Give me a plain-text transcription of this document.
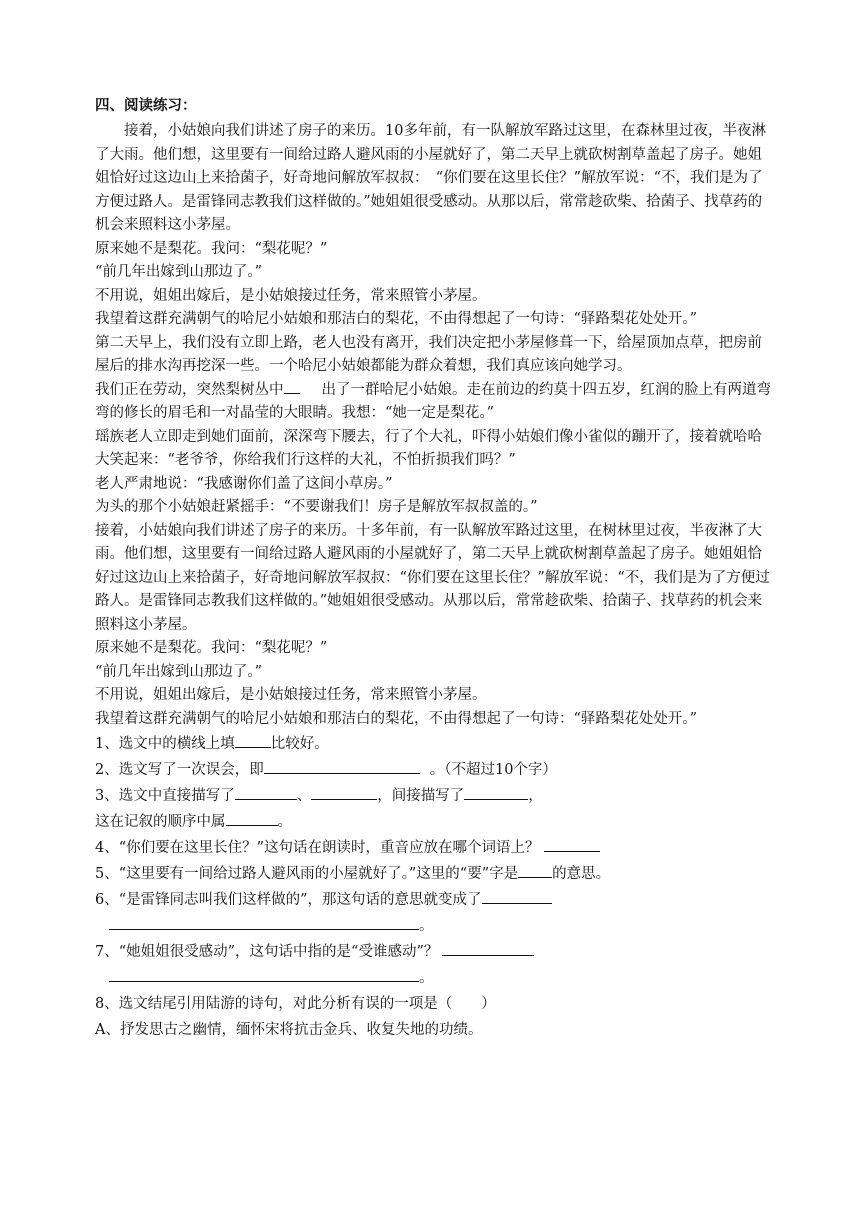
四、阅读练习：
接着，小姑娘向我们讲述了房子的来历。10多年前，有一队解放军路过这里，在森林里过夜，半夜淋了大雨。他们想，这里要有一间给过路人避风雨的小屋就好了，第二天早上就砍树割草盖起了房子。她姐姐恰好过这边山上来拾菌子，好奇地问解放军叔叔：　“你们要在这里长住？”解放军说：“不，我们是为了方便过路人。是雷锋同志教我们这样做的。”她姐姐很受感动。从那以后，常常趁砍柴、拾菌子、找草药的机会来照料这小茅屋。
原来她不是梨花。我问：“梨花呢？”
“前几年出嫁到山那边了。”
不用说，姐姐出嫁后，是小姑娘接过任务，常来照管小茅屋。
我望着这群充满朝气的哈尼小姑娘和那洁白的梨花，不由得想起了一句诗：“驿路梨花处处开。”
第二天早上，我们没有立即上路，老人也没有离开，我们决定把小茅屋修葺一下，给屋顶加点草，把房前屋后的排水沟再挖深一些。一个哈尼小姑娘都能为群众着想，我们真应该向她学习。
我们正在劳动，突然梨树丛中	出了一群哈尼小姑娘。走在前边的约莫十四五岁，红润的脸上有两道弯弯的修长的眉毛和一对晶莹的大眼睛。我想：“她一定是梨花。”
瑶族老人立即走到她们面前，深深弯下腰去，行了个大礼，吓得小姑娘们像小雀似的蹦开了，接着就哈哈大笑起来：“老爷爷，你给我们行这样的大礼，不怕折损我们吗？”
老人严肃地说：“我感谢你们盖了这间小草房。”
为头的那个小姑娘赶紧摇手：“不要谢我们！房子是解放军叔叔盖的。”
接着，小姑娘向我们讲述了房子的来历。十多年前，有一队解放军路过这里，在树林里过夜，半夜淋了大雨。他们想，这里要有一间给过路人避风雨的小屋就好了，第二天早上就砍树割草盖起了房子。她姐姐恰好过这边山上来拾菌子，好奇地问解放军叔叔：“你们要在这里长住？”解放军说：“不，我们是为了方便过路人。是雷锋同志教我们这样做的。”她姐姐很受感动。从那以后，常常趁砍柴、拾菌子、找草药的机会来照料这小茅屋。
原来她不是梨花。我问：“梨花呢？”
“前几年出嫁到山那边了。”
不用说，姐姐出嫁后，是小姑娘接过任务，常来照管小茅屋。
我望着这群充满朝气的哈尼小姑娘和那洁白的梨花，不由得想起了一句诗：“驿路梨花处处开。”
1、选文中的横线上填 比较好。
2、选文写了一次误会，即	。（不超过10个字）
3、选文中直接描写了	、	，间接描写了	，
这在记叙的顺序中属	。
4、“你们要在这里长住？”这句话在朗读时，重音应放在哪个词语上？
5、“这里要有一间给过路人避风雨的小屋就好了。”这里的“要”字是 的意思。
6、“是雷锋同志叫我们这样做的”，那这句话的意思就变成了
。
7、“她姐姐很受感动”，这句话中指的是“受谁感动”？
。
8、选文结尾引用陆游的诗句，对此分析有误的一项是（　　）
A、抒发思古之幽情，缅怀宋将抗击金兵、收复失地的功绩。
